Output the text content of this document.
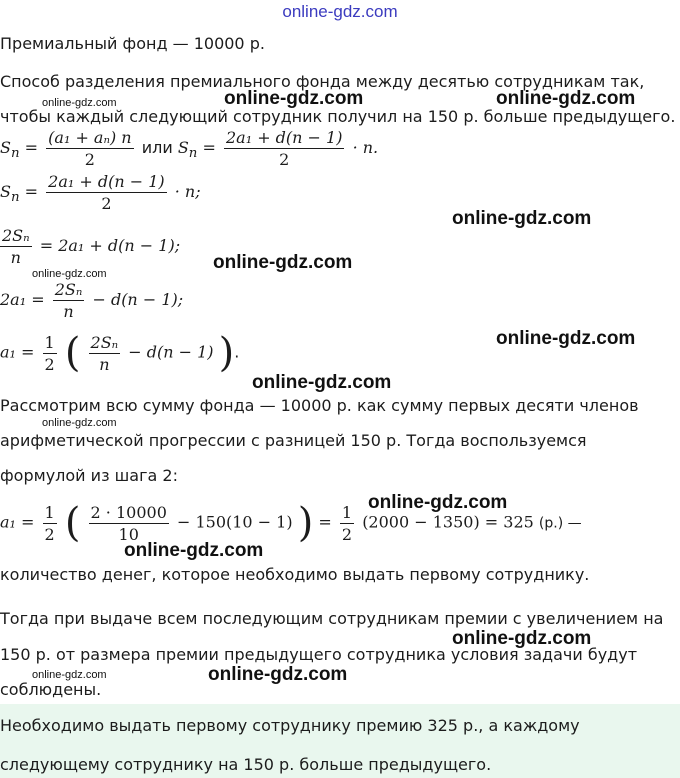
online-gdz.com
Премиальный фонд — 10000 р.
Способ разделения премиального фонда между десятью сотрудникам так,
чтобы каждый следующий сотрудник получил на 150 р. больше предыдущего.
$S_n = \frac{\text{(a₁ + aₙ) n}}{2}$ или $S_n = \frac{\text{2a₁ + d(n − 1)}}{2} \cdot n$.
$S_n = \frac{\text{2a₁ + d(n − 1)}}{2} \cdot n$;
$\frac{\text{2Sₙ}}{n} = 2a_1 + d(n - 1)$;
$2a_1 = \frac{\text{2Sₙ}}{n} - d(n - 1)$;
$a_1 = \frac{1}{2}$ ( $\frac{\text{2Sₙ}}{n} - d(n - 1)$ ).
Рассмотрим всю сумму фонда — 10000 р. как сумму первых десяти членов
арифметической прогрессии с разницей 150 р. Тогда воспользуемся
формулой из шага 2:
$a_1 = \frac{1}{2}$ ( $\frac{2 \cdot 10000}{10} - 150(10 - 1)$ ) = $\frac{1}{2} (2000 - 1350) = 325$ (р.) —
количество денег, которое необходимо выдать первому сотруднику.
Тогда при выдаче всем последующим сотрудникам премии с увеличением на
150 р. от размера премии предыдущего сотрудника условия задачи будут
соблюдены.
Необходимо выдать первому сотруднику премию 325 р., а каждому
следующему сотруднику на 150 р. больше предыдущего.
online-gdz.com	online-gdz.com	online-gdz.com
online-gdz.com
online-gdz.com
online-gdz.com
online-gdz.com
online-gdz.com
online-gdz.com
online-gdz.com
online-gdz.com
online-gdz.com
online-gdz.com	online-gdz.com
